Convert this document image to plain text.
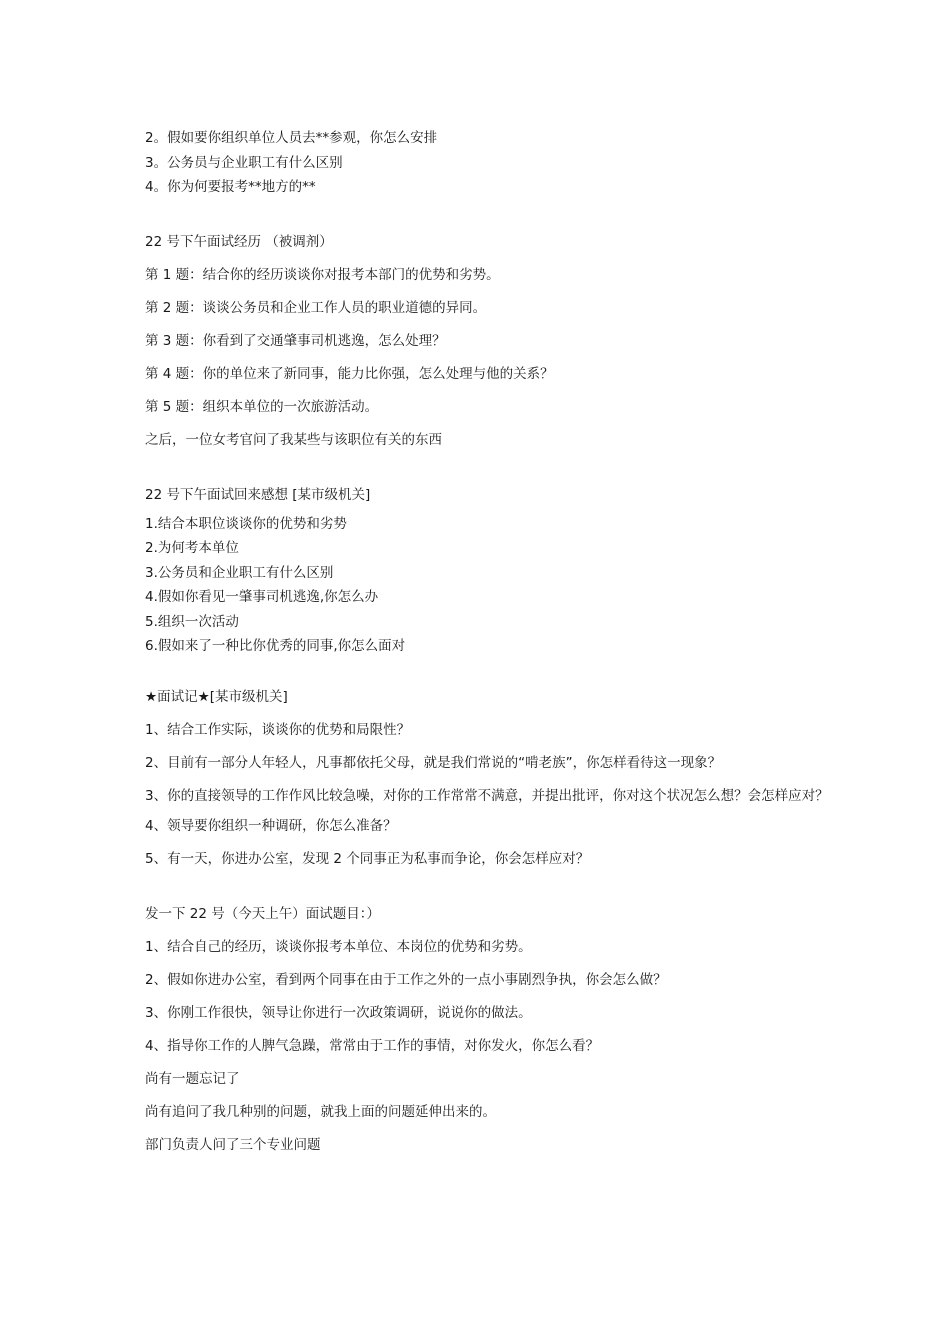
2。假如要你组织单位人员去**参观，你怎么安排

3。公务员与企业职工有什么区别

4。你为何要报考**地方的**

22 号下午面试经历 （被调剂）

第 1 题：结合你的经历谈谈你对报考本部门的优势和劣势。

第 2 题：谈谈公务员和企业工作人员的职业道德的异同。

第 3 题：你看到了交通肇事司机逃逸，怎么处理？

第 4 题：你的单位来了新同事，能力比你强，怎么处理与他的关系？

第 5 题：组织本单位的一次旅游活动。

之后，一位女考官问了我某些与该职位有关的东西

22 号下午面试回来感想 [某市级机关]

1.结合本职位谈谈你的优势和劣势

2.为何考本单位

3.公务员和企业职工有什么区别

4.假如你看见一肇事司机逃逸,你怎么办

5.组织一次活动

6.假如来了一种比你优秀的同事,你怎么面对

★面试记★[某市级机关]

1、结合工作实际，谈谈你的优势和局限性？

2、目前有一部分人年轻人，凡事都依托父母，就是我们常说的“啃老族”，你怎样看待这一现象？

3、你的直接领导的工作作风比较急噪，对你的工作常常不满意，并提出批评，你对这个状况怎么想？会怎样应对？

4、领导要你组织一种调研，你怎么准备？

5、有一天，你进办公室，发现 2 个同事正为私事而争论，你会怎样应对？

发一下 22 号（今天上午）面试题目：）

1、结合自己的经历，谈谈你报考本单位、本岗位的优势和劣势。

2、假如你进办公室，看到两个同事在由于工作之外的一点小事剧烈争执，你会怎么做？

3、你刚工作很快，领导让你进行一次政策调研，说说你的做法。

4、指导你工作的人脾气急躁，常常由于工作的事情，对你发火，你怎么看？

尚有一题忘记了

尚有追问了我几种别的问题，就我上面的问题延伸出来的。

部门负责人问了三个专业问题
